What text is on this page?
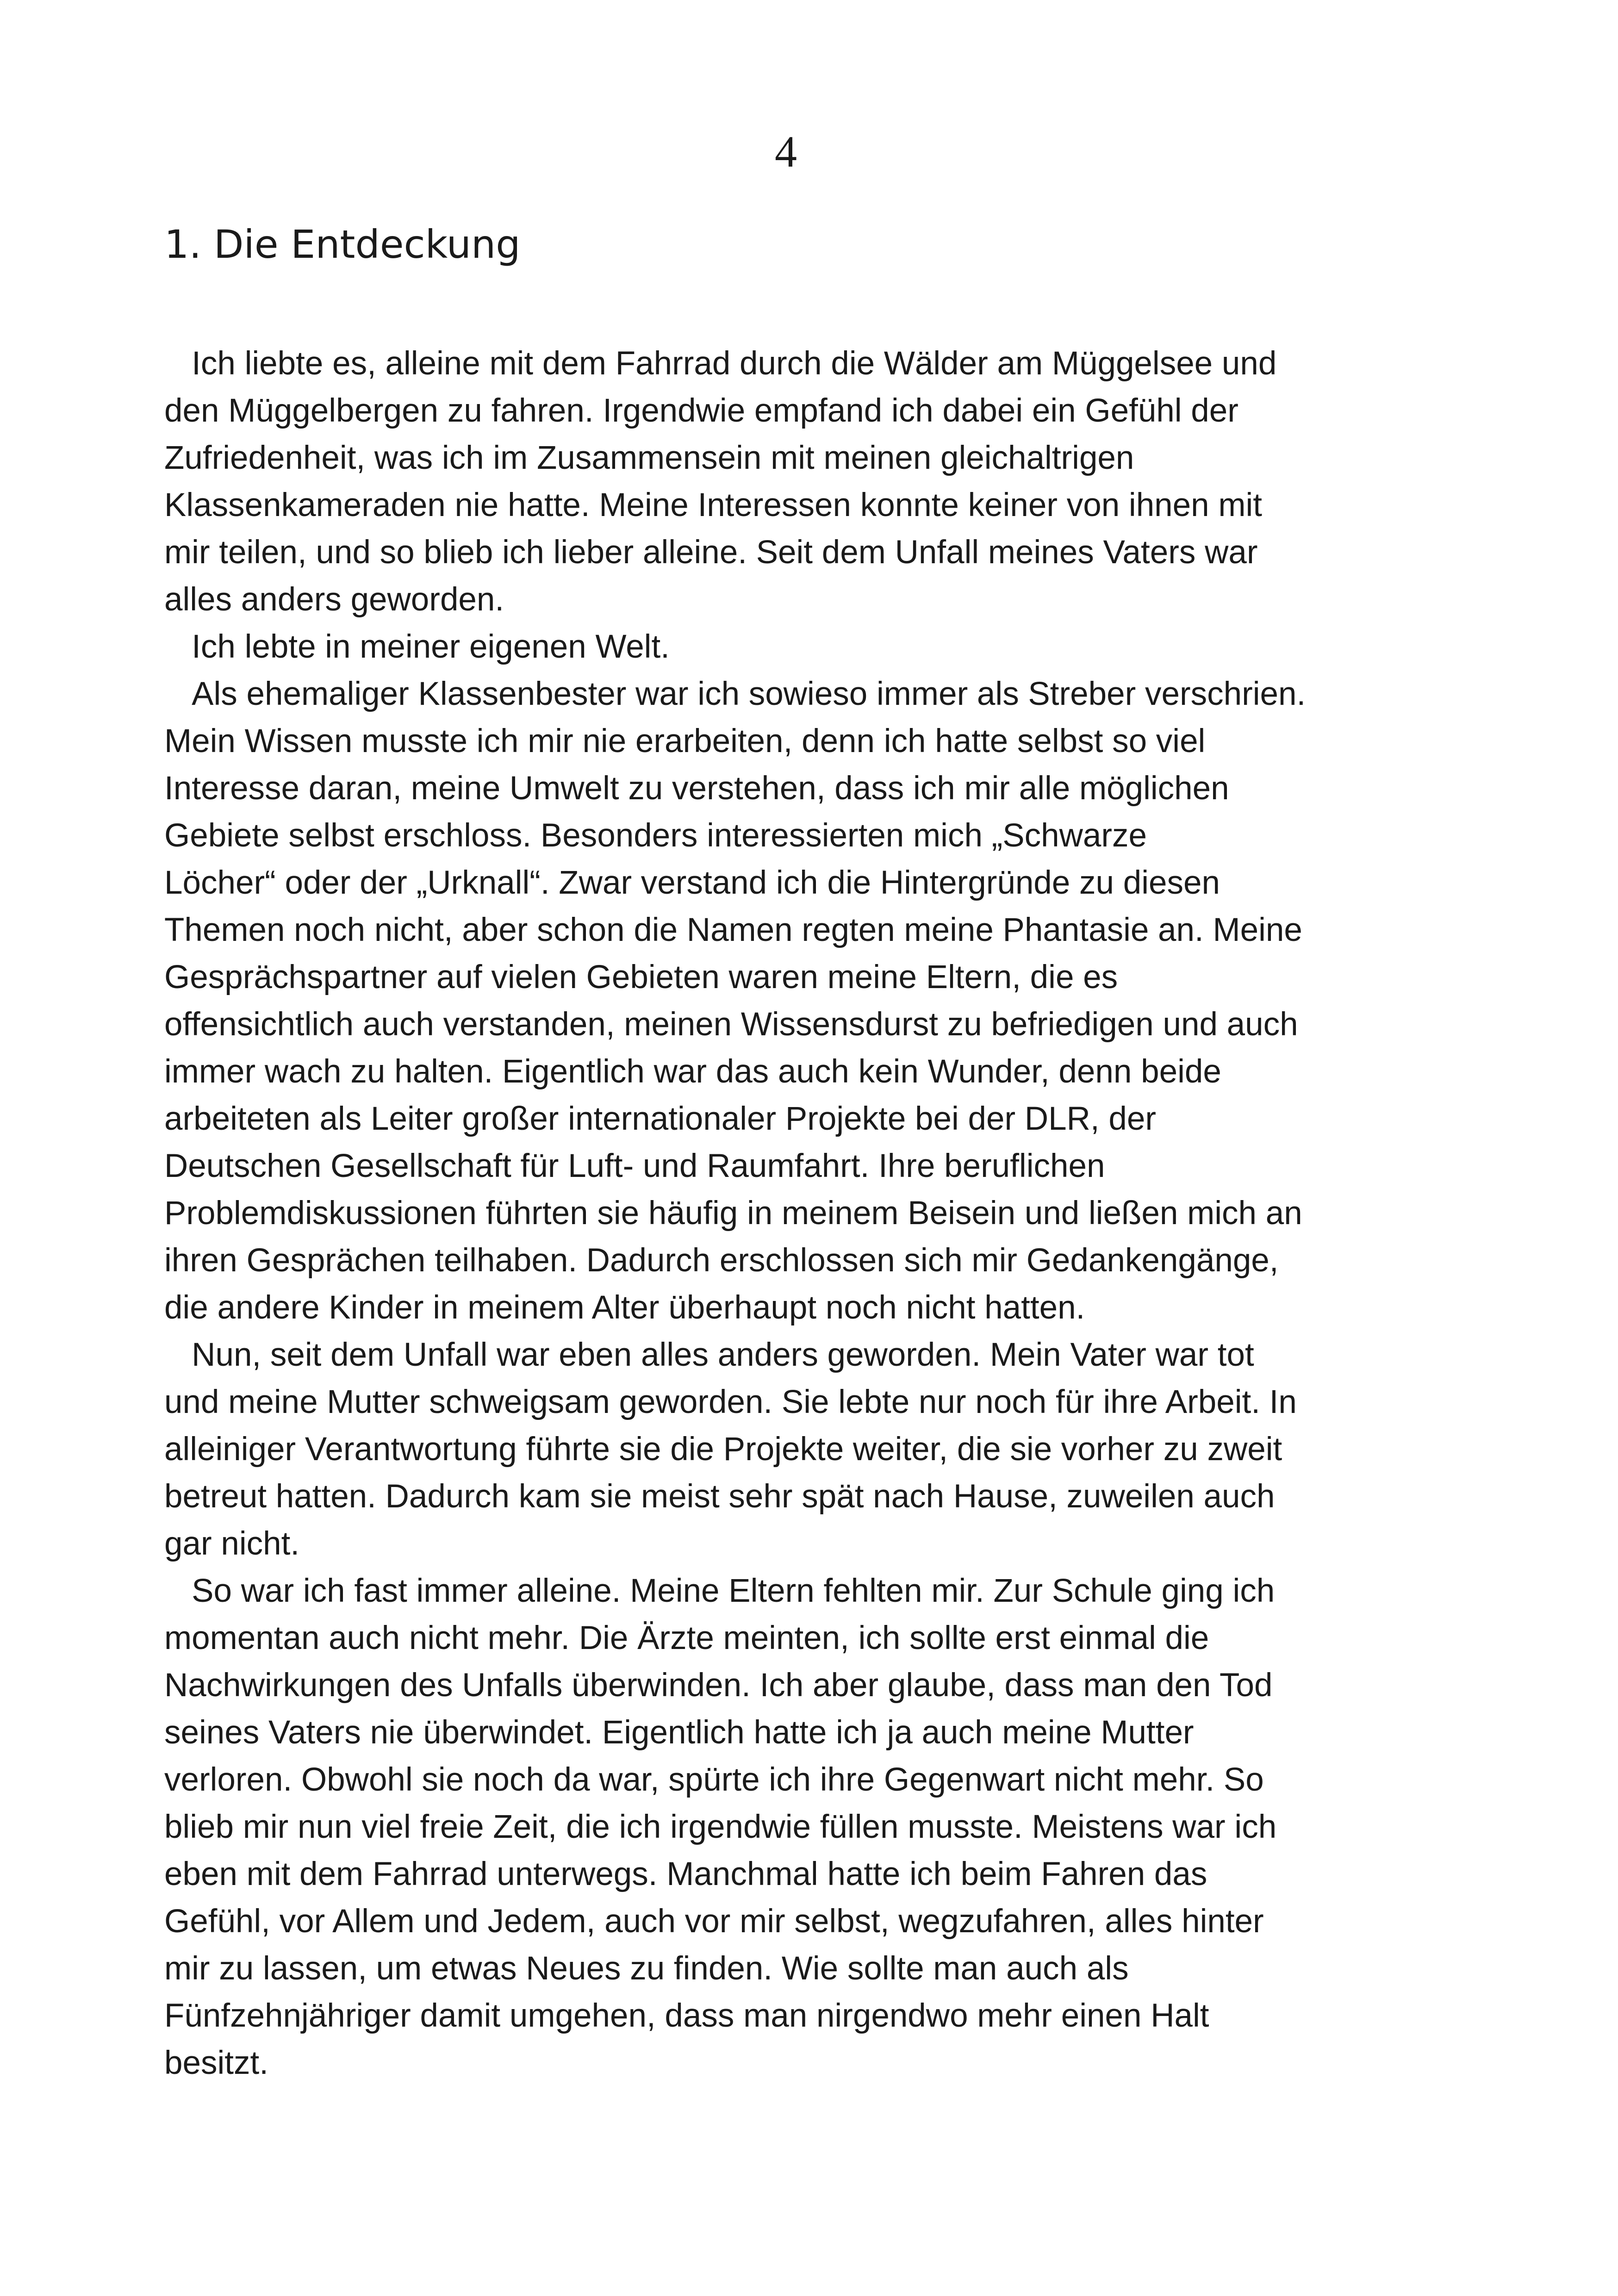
4
1. Die Entdeckung
Ich liebte es, alleine mit dem Fahrrad durch die Wälder am Müggelsee und
den Müggelbergen zu fahren. Irgendwie empfand ich dabei ein Gefühl der
Zufriedenheit, was ich im Zusammensein mit meinen gleichaltrigen
Klassenkameraden nie hatte. Meine Interessen konnte keiner von ihnen mit
mir teilen, und so blieb ich lieber alleine. Seit dem Unfall meines Vaters war
alles anders geworden.
Ich lebte in meiner eigenen Welt.
Als ehemaliger Klassenbester war ich sowieso immer als Streber verschrien.
Mein Wissen musste ich mir nie erarbeiten, denn ich hatte selbst so viel
Interesse daran, meine Umwelt zu verstehen, dass ich mir alle möglichen
Gebiete selbst erschloss. Besonders interessierten mich „Schwarze
Löcher“ oder der „Urknall“. Zwar verstand ich die Hintergründe zu diesen
Themen noch nicht, aber schon die Namen regten meine Phantasie an. Meine
Gesprächspartner auf vielen Gebieten waren meine Eltern, die es
offensichtlich auch verstanden, meinen Wissensdurst zu befriedigen und auch
immer wach zu halten. Eigentlich war das auch kein Wunder, denn beide
arbeiteten als Leiter großer internationaler Projekte bei der DLR, der
Deutschen Gesellschaft für Luft- und Raumfahrt. Ihre beruflichen
Problemdiskussionen führten sie häufig in meinem Beisein und ließen mich an
ihren Gesprächen teilhaben. Dadurch erschlossen sich mir Gedankengänge,
die andere Kinder in meinem Alter überhaupt noch nicht hatten.
Nun, seit dem Unfall war eben alles anders geworden. Mein Vater war tot
und meine Mutter schweigsam geworden. Sie lebte nur noch für ihre Arbeit. In
alleiniger Verantwortung führte sie die Projekte weiter, die sie vorher zu zweit
betreut hatten. Dadurch kam sie meist sehr spät nach Hause, zuweilen auch
gar nicht.
So war ich fast immer alleine. Meine Eltern fehlten mir. Zur Schule ging ich
momentan auch nicht mehr. Die Ärzte meinten, ich sollte erst einmal die
Nachwirkungen des Unfalls überwinden. Ich aber glaube, dass man den Tod
seines Vaters nie überwindet. Eigentlich hatte ich ja auch meine Mutter
verloren. Obwohl sie noch da war, spürte ich ihre Gegenwart nicht mehr. So
blieb mir nun viel freie Zeit, die ich irgendwie füllen musste. Meistens war ich
eben mit dem Fahrrad unterwegs. Manchmal hatte ich beim Fahren das
Gefühl, vor Allem und Jedem, auch vor mir selbst, wegzufahren, alles hinter
mir zu lassen, um etwas Neues zu finden. Wie sollte man auch als
Fünfzehnjähriger damit umgehen, dass man nirgendwo mehr einen Halt
besitzt.
